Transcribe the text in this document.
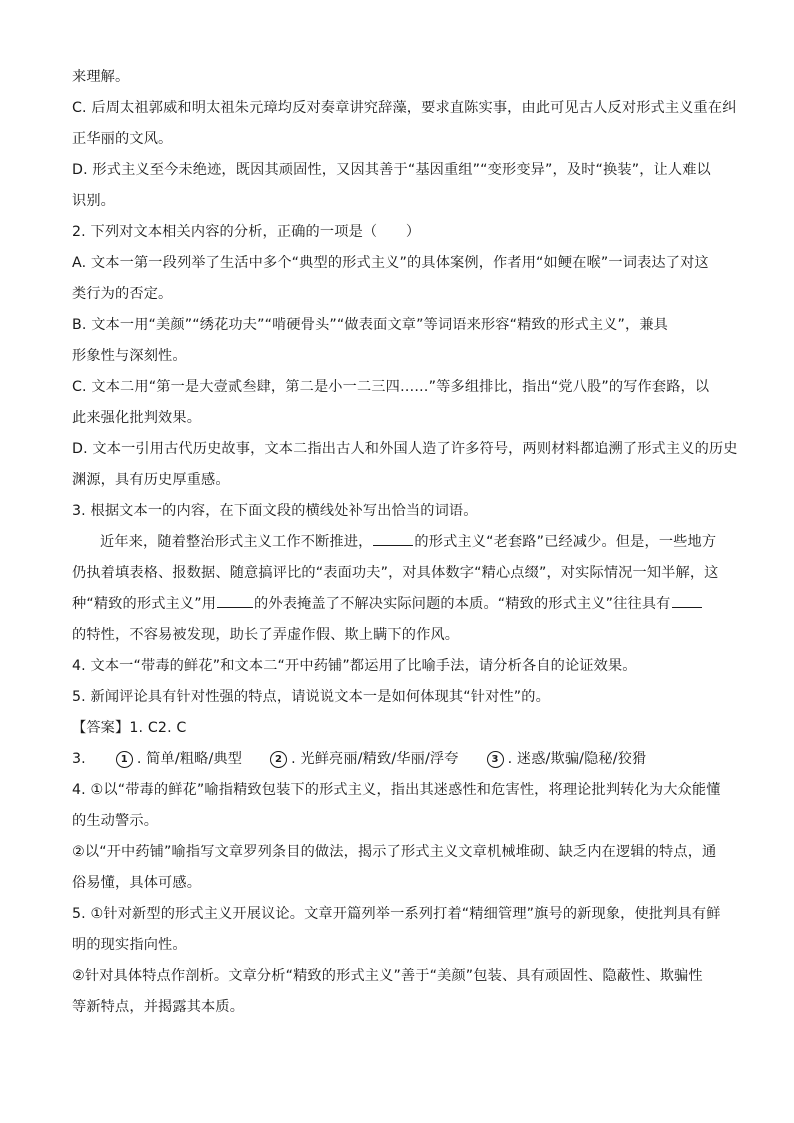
来理解。
C. 后周太祖郭威和明太祖朱元璋均反对奏章讲究辞藻，要求直陈实事，由此可见古人反对形式主义重在纠
正华丽的文风。
D. 形式主义至今未绝迹，既因其顽固性，又因其善于“基因重组”“变形变异”，及时“换装”，让人难以
识别。
2. 下列对文本相关内容的分析，正确的一项是（　　）
A. 文本一第一段列举了生活中多个“典型的形式主义”的具体案例，作者用“如鲠在喉”一词表达了对这
类行为的否定。
B. 文本一用“美颜”“绣花功夫”“啃硬骨头”“做表面文章”等词语来形容“精致的形式主义”，兼具
形象性与深刻性。
C. 文本二用“第一是大壹贰叁肆，第二是小一二三四……”等多组排比，指出“党八股”的写作套路，以
此来强化批判效果。
D. 文本一引用古代历史故事，文本二指出古人和外国人造了许多符号，两则材料都追溯了形式主义的历史
渊源，具有历史厚重感。
3. 根据文本一的内容，在下面文段的横线处补写出恰当的词语。
近年来，随着整治形式主义工作不断推进，	的形式主义“老套路”已经减少。但是，一些地方
仍执着填表格、报数据、随意搞评比的“表面功夫”，对具体数字“精心点缀”，对实际情况一知半解，这
种“精致的形式主义”用	的外表掩盖了不解决实际问题的本质。“精致的形式主义”往往具有
的特性，不容易被发现，助长了弄虚作假、欺上瞒下的作风。
4. 文本一“带毒的鲜花”和文本二“开中药铺”都运用了比喻手法，请分析各自的论证效果。
5. 新闻评论具有针对性强的特点，请说说文本一是如何体现其“针对性”的。
【答案】1. C2. C
3.	1 . 简单/粗略/典型	2 . 光鲜亮丽/精致/华丽/浮夸	3 . 迷惑/欺骗/隐秘/狡猾
4. ①以“带毒的鲜花”喻指精致包装下的形式主义，指出其迷惑性和危害性，将理论批判转化为大众能懂
的生动警示。
②以“开中药铺”喻指写文章罗列条目的做法，揭示了形式主义文章机械堆砌、缺乏内在逻辑的特点，通
俗易懂，具体可感。
5. ①针对新型的形式主义开展议论。文章开篇列举一系列打着“精细管理”旗号的新现象，使批判具有鲜
明的现实指向性。
②针对具体特点作剖析。文章分析“精致的形式主义”善于“美颜”包装、具有顽固性、隐蔽性、欺骗性
等新特点，并揭露其本质。
